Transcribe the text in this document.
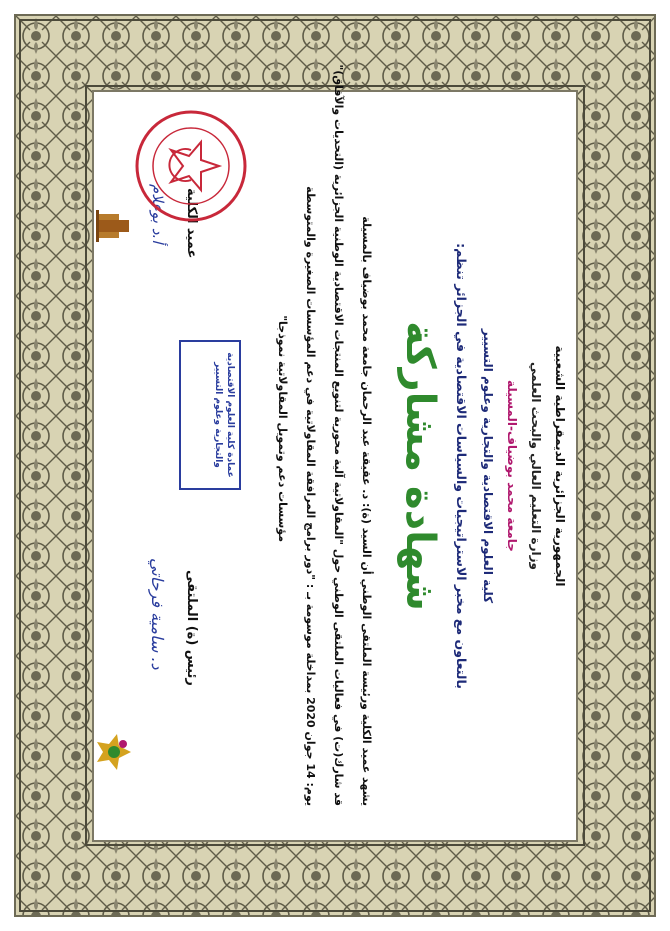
الجمهورية الجزائرية الديمقراطية الشعبية
وزارة التعليم العالي والبحث العلمي
جامعة محمد بوضياف-المسيلة
كلية العلوم الاقتصادية والتجارية وعلوم التسيير
بالتعاون مع مخبر الاستراتيجيات والسياسات الاقتصادية في الجزائر تنظم:
شهادة مشاركة
يشهد عميد الكلية ورئيسة الملتقى الوطني أن السيد (ة): د. عقيقة عبد الرحمان جامعة محمد بوضياف بالمسيلة
قد شارك(ت) في فعاليات الملتقى الوطني حول "المقاولاتية آلية محورية لتنويع المنتجات الاقتصادية الوطنية الجزائرية (التحديات والآفاق)"
يوم: 14 جوان 2020 بمداخلة موسومة بـ : "دور برامج المرافقة المقاولاتية في دعم المؤسسات الصغيرة والمتوسطة
مؤسسات دعم وتمويل المقاولاتية نموذجا"
رئيس (ة) الملتقى
د. سامية فرحاتي
عميد الكلية
أ.د بوعلام
عمادة كلية العلوم الاقتصادية والتجارية وعلوم التسيير
